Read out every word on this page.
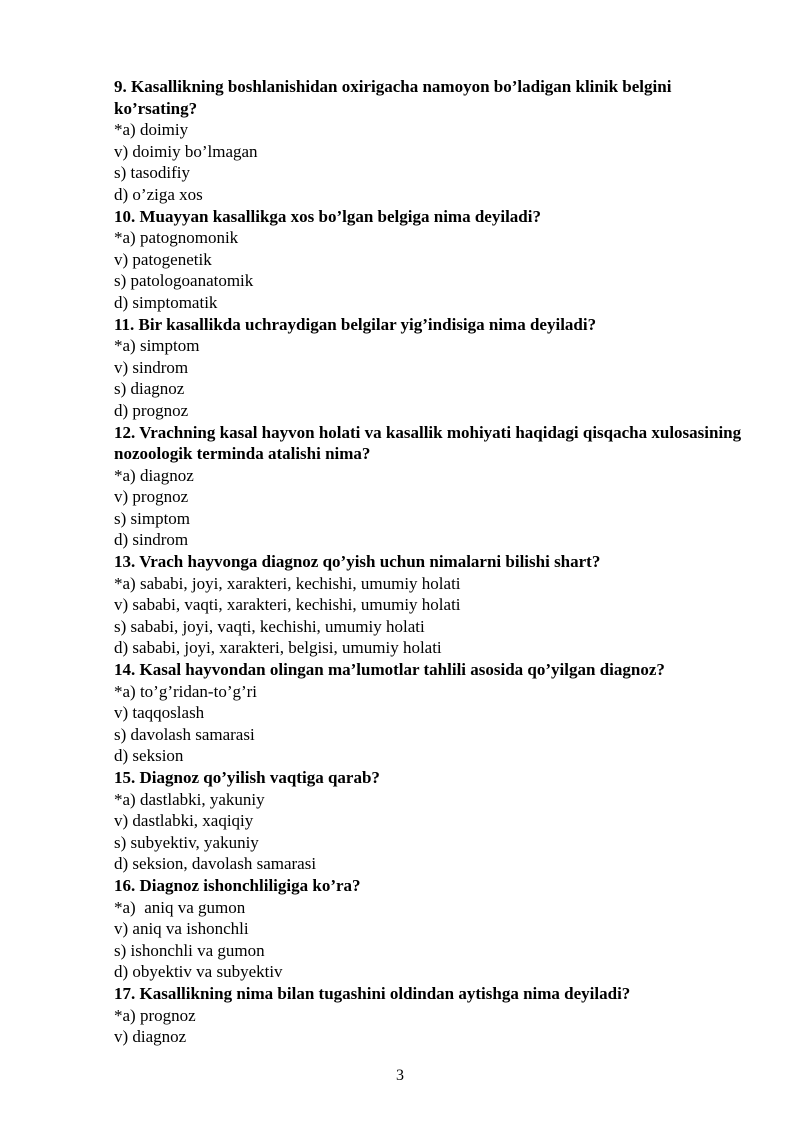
9. Kasallikning boshlanishidan oxirigacha namoyon bo’ladigan klinik belgini ko’rsating?

*a) doimiy

v) doimiy bo’lmagan

s) tasodifiy

d) o’ziga xos

10. Muayyan kasallikga xos bo’lgan belgiga nima deyiladi?

*a) patognomonik

v) patogenetik

s) patologoanatomik

d) simptomatik

11. Bir kasallikda uchraydigan belgilar yig’indisiga nima deyiladi?

*a) simptom

v) sindrom

s) diagnoz

d) prognoz

12. Vrachning kasal hayvon holati va kasallik mohiyati haqidagi qisqacha xulosasining nozoologik terminda atalishi nima?

*a) diagnoz

v) prognoz

s) simptom

d) sindrom

13. Vrach hayvonga diagnoz qo’yish uchun nimalarni bilishi shart?

*a) sababi, joyi, xarakteri, kechishi, umumiy holati

v) sababi, vaqti, xarakteri, kechishi, umumiy holati

s) sababi, joyi, vaqti, kechishi, umumiy holati

d) sababi, joyi, xarakteri, belgisi, umumiy holati

14. Kasal hayvondan olingan ma’lumotlar tahlili asosida qo’yilgan diagnoz?

*a) to’g’ridan-to’g’ri

v) taqqoslash

s) davolash samarasi

d) seksion

15. Diagnoz qo’yilish vaqtiga qarab?

*a) dastlabki, yakuniy

v) dastlabki, xaqiqiy

s) subyektiv, yakuniy

d) seksion, davolash samarasi

16. Diagnoz ishonchliligiga ko’ra?

*a)  aniq va gumon

v) aniq va ishonchli

s) ishonchli va gumon

d) obyektiv va subyektiv

17. Kasallikning nima bilan tugashini oldindan aytishga nima deyiladi?

*a) prognoz

v) diagnoz

3
